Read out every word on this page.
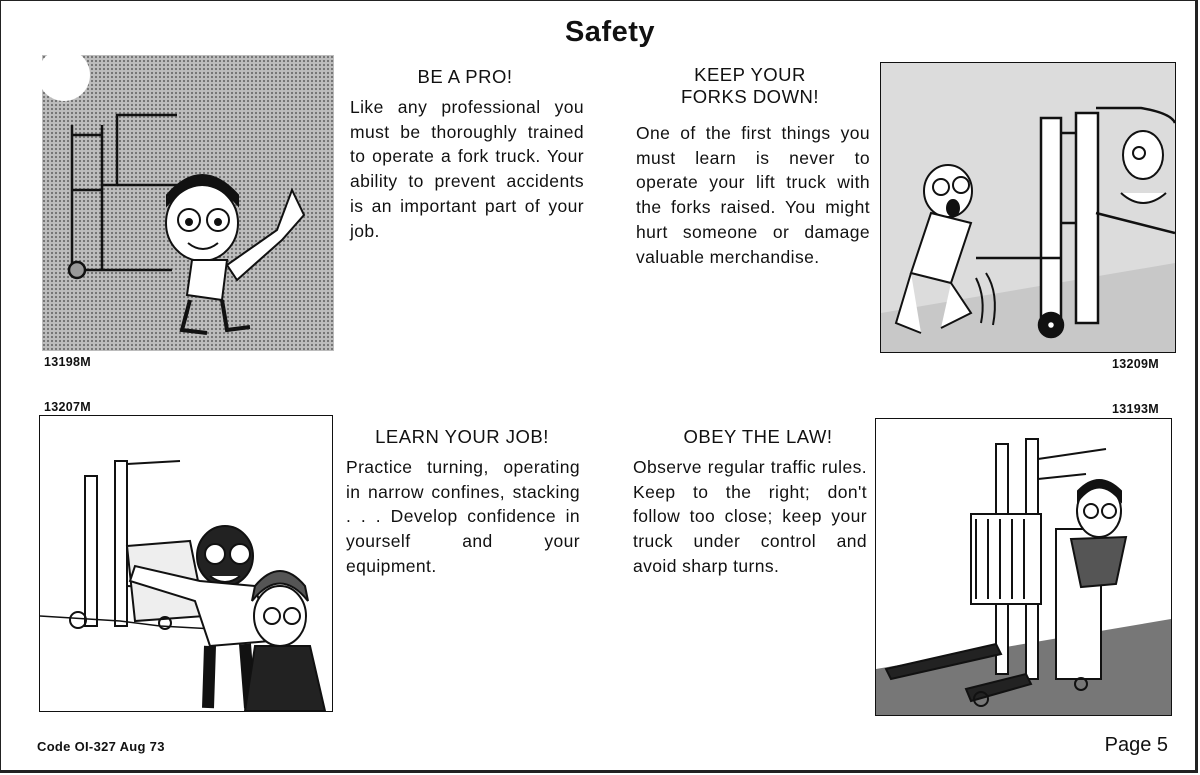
Safety
13198M
BE A PRO!
Like any professional you must be thoroughly trained to operate a fork truck. Your ability to prevent accidents is an important part of your job.
KEEP YOUR FORKS DOWN!
One of the first things you must learn is never to operate your lift truck with the forks raised. You might hurt someone or damage valuable merchandise.
13209M
13207M
LEARN YOUR JOB!
Practice turning, operating in narrow confines, stacking . . . Develop confidence in yourself and your equipment.
OBEY THE LAW!
Observe regular traffic rules. Keep to the right; don't follow too close; keep your truck under control and avoid sharp turns.
13193M
Code OI-327 Aug 73	Page 5
